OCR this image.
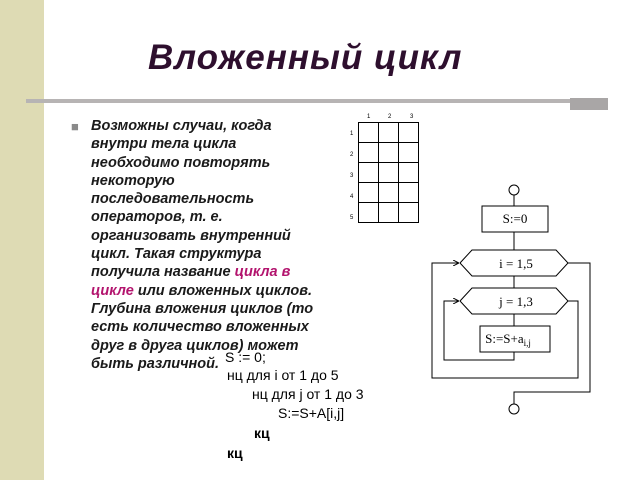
Вложенный цикл
■ Возможны случаи, когда внутри тела цикла необходимо повторять некоторую последовательность операторов, т. е. организовать внутренний цикл. Такая структура получила название цикла в цикле или вложенных циклов. Глубина вложения циклов (то есть количество вложенных друг в друга циклов) может быть различной.
1	2	3
1
2
3
4
5

			S:=0
i = 1,5
j = 1,3
$S:=S+a_{i,j}$
S := 0;
нц для i от 1 до 5
нц для j от 1 до 3
S:=S+A[i,j]
кц
кц
